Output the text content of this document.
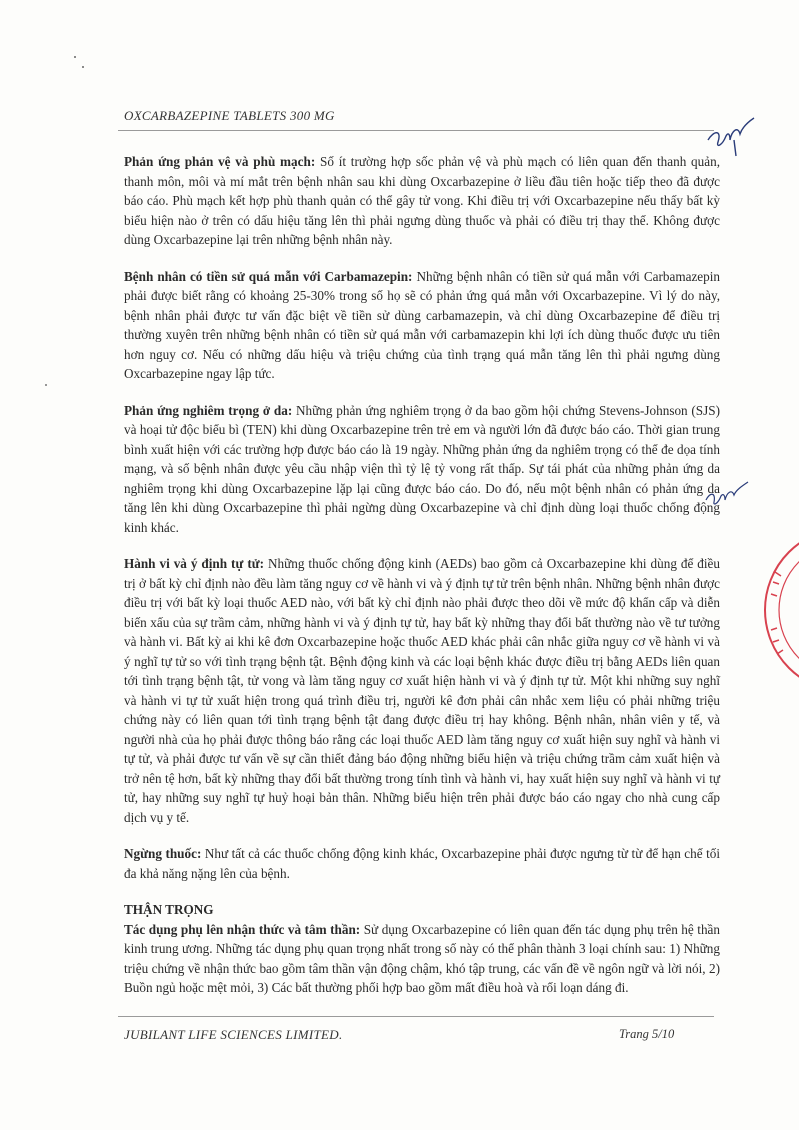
OXCARBAZEPINE TABLETS 300 MG

Phản ứng phản vệ và phù mạch: Số ít trường hợp sốc phản vệ và phù mạch có liên quan đến thanh quản, thanh môn, môi và mí mắt trên bệnh nhân sau khi dùng Oxcarbazepine ở liều đầu tiên hoặc tiếp theo đã được báo cáo. Phù mạch kết hợp phù thanh quản có thể gây tử vong. Khi điều trị với Oxcarbazepine nếu thấy bất kỳ biểu hiện nào ở trên có dấu hiệu tăng lên thì phải ngưng dùng thuốc và phải có điều trị thay thế. Không được dùng Oxcarbazepine lại trên những bệnh nhân này.

Bệnh nhân có tiền sử quá mẫn với Carbamazepin: Những bệnh nhân có tiền sử quá mẫn với Carbamazepin phải được biết rằng có khoảng 25-30% trong số họ sẽ có phản ứng quá mẫn với Oxcarbazepine. Vì lý do này, bệnh nhân phải được tư vấn đặc biệt về tiền sử dùng carbamazepin, và chỉ dùng Oxcarbazepine để điều trị thường xuyên trên những bệnh nhân có tiền sử quá mẫn với carbamazepin khi lợi ích dùng thuốc được ưu tiên hơn nguy cơ. Nếu có những dấu hiệu và triệu chứng của tình trạng quá mẫn tăng lên thì phải ngưng dùng Oxcarbazepine ngay lập tức.

Phản ứng nghiêm trọng ở da: Những phản ứng nghiêm trọng ở da bao gồm hội chứng Stevens-Johnson (SJS) và hoại tử độc biểu bì (TEN) khi dùng Oxcarbazepine trên trẻ em và người lớn đã được báo cáo. Thời gian trung bình xuất hiện với các trường hợp được báo cáo là 19 ngày. Những phản ứng da nghiêm trọng có thể đe dọa tính mạng, và số bệnh nhân được yêu cầu nhập viện thì tỷ lệ tỷ vong rất thấp. Sự tái phát của những phản ứng da nghiêm trọng khi dùng Oxcarbazepine lặp lại cũng được báo cáo. Do đó, nếu một bệnh nhân có phản ứng da tăng lên khi dùng Oxcarbazepine thì phải ngừng dùng Oxcarbazepine và chỉ định dùng loại thuốc chống động kinh khác.

Hành vi và ý định tự tử: Những thuốc chống động kinh (AEDs) bao gồm cả Oxcarbazepine khi dùng để điều trị ở bất kỳ chỉ định nào đều làm tăng nguy cơ về hành vi và ý định tự tử trên bệnh nhân. Những bệnh nhân được điều trị với bất kỳ loại thuốc AED nào, với bất kỳ chỉ định nào phải được theo dõi về mức độ khẩn cấp và diễn biến xấu của sự trầm cảm, những hành vi và ý định tự tử, hay bất kỳ những thay đổi bất thường nào về tư tưởng và hành vi. Bất kỳ ai khi kê đơn Oxcarbazepine hoặc thuốc AED khác phải cân nhắc giữa nguy cơ về hành vi và ý nghĩ tự tử so với tình trạng bệnh tật. Bệnh động kinh và các loại bệnh khác được điều trị bằng AEDs liên quan tới tình trạng bệnh tật, tử vong và làm tăng nguy cơ xuất hiện hành vi và ý định tự tử. Một khi những suy nghĩ và hành vi tự tử xuất hiện trong quá trình điều trị, người kê đơn phải cân nhắc xem liệu có phải những triệu chứng này có liên quan tới tình trạng bệnh tật đang được điều trị hay không. Bệnh nhân, nhân viên y tế, và người nhà của họ phải được thông báo rằng các loại thuốc AED làm tăng nguy cơ xuất hiện suy nghĩ và hành vi tự tử, và phải được tư vấn về sự cần thiết đảng báo động những biểu hiện và triệu chứng trầm cảm xuất hiện và trở nên tệ hơn, bất kỳ những thay đổi bất thường trong tính tình và hành vi, hay xuất hiện suy nghĩ và hành vi tự tử, hay những suy nghĩ tự huỷ hoại bản thân. Những biểu hiện trên phải được báo cáo ngay cho nhà cung cấp dịch vụ y tế.

Ngừng thuốc: Như tất cả các thuốc chống động kinh khác, Oxcarbazepine phải được ngưng từ từ để hạn chế tối đa khả năng nặng lên của bệnh.

THẬN TRỌNG

Tác dụng phụ lên nhận thức và tâm thần: Sử dụng Oxcarbazepine có liên quan đến tác dụng phụ trên hệ thần kinh trung ương. Những tác dụng phụ quan trọng nhất trong số này có thể phân thành 3 loại chính sau: 1) Những triệu chứng về nhận thức bao gồm tâm thần vận động chậm, khó tập trung, các vấn đề về ngôn ngữ và lời nói, 2) Buồn ngủ hoặc mệt mỏi, 3) Các bất thường phối hợp bao gồm mất điều hoà và rối loạn dáng đi.

JUBILANT LIFE SCIENCES LIMITED.	Trang 5/10
